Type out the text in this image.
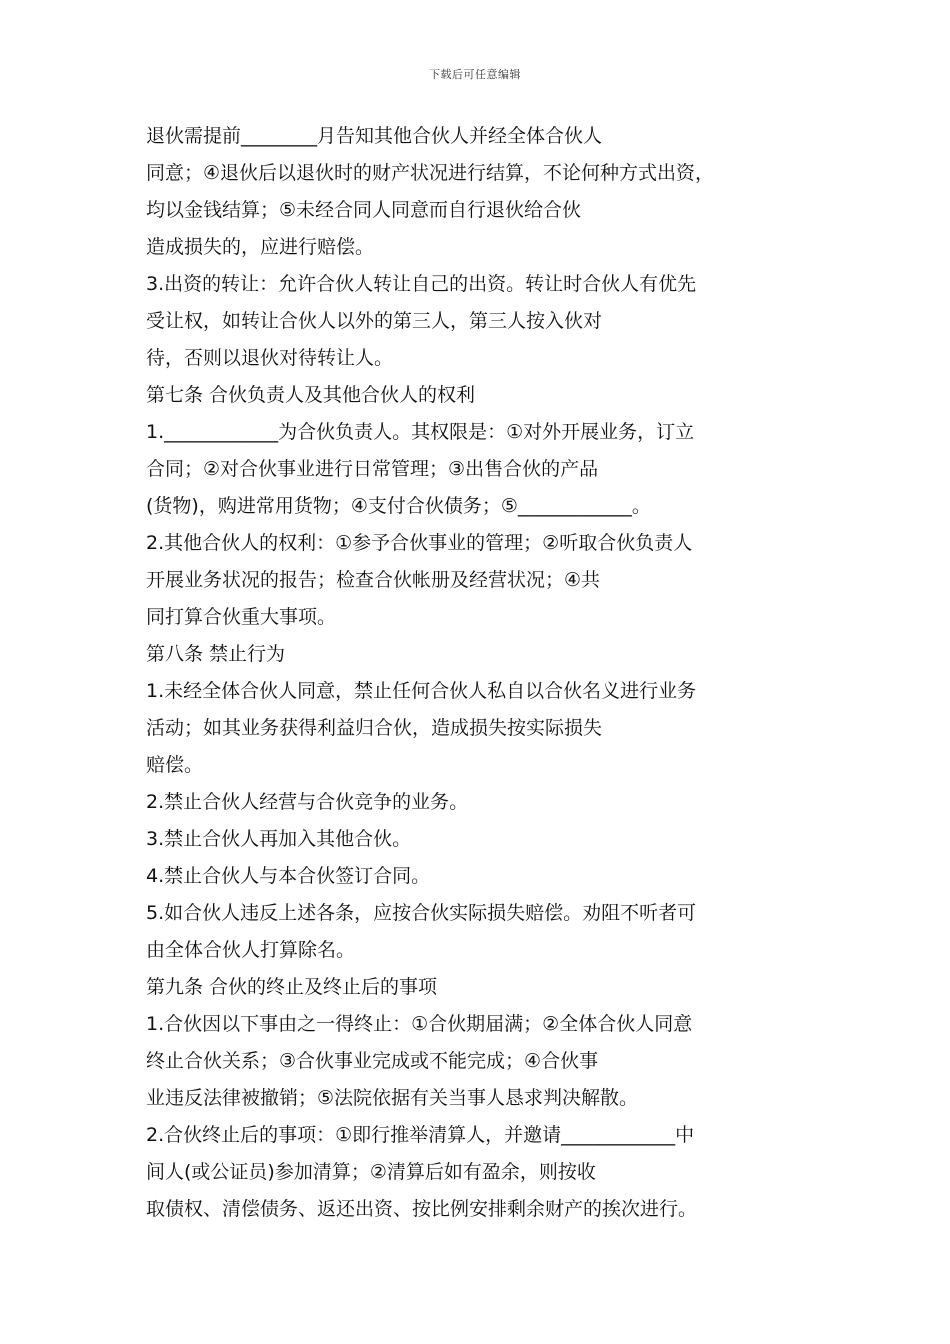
下载后可任意编辑
退伙需提前________月告知其他合伙人并经全体合伙人
同意；④退伙后以退伙时的财产状况进行结算，不论何种方式出资，
均以金钱结算；⑤未经合同人同意而自行退伙给合伙
造成损失的，应进行赔偿。
3.出资的转让：允许合伙人转让自己的出资。转让时合伙人有优先
受让权，如转让合伙人以外的第三人，第三人按入伙对
待，否则以退伙对待转让人。
第七条 合伙负责人及其他合伙人的权利
1.____________为合伙负责人。其权限是：①对外开展业务，订立
合同；②对合伙事业进行日常管理；③出售合伙的产品
(货物)，购进常用货物；④支付合伙债务；⑤____________。
2.其他合伙人的权利：①参予合伙事业的管理；②听取合伙负责人
开展业务状况的报告；检查合伙帐册及经营状况；④共
同打算合伙重大事项。
第八条 禁止行为
1.未经全体合伙人同意，禁止任何合伙人私自以合伙名义进行业务
活动；如其业务获得利益归合伙，造成损失按实际损失
赔偿。
2.禁止合伙人经营与合伙竞争的业务。
3.禁止合伙人再加入其他合伙。
4.禁止合伙人与本合伙签订合同。
5.如合伙人违反上述各条，应按合伙实际损失赔偿。劝阻不听者可
由全体合伙人打算除名。
第九条 合伙的终止及终止后的事项
1.合伙因以下事由之一得终止：①合伙期届满；②全体合伙人同意
终止合伙关系；③合伙事业完成或不能完成；④合伙事
业违反法律被撤销；⑤法院依据有关当事人恳求判决解散。
2.合伙终止后的事项：①即行推举清算人，并邀请____________中
间人(或公证员)参加清算；②清算后如有盈余，则按收
取债权、清偿债务、返还出资、按比例安排剩余财产的挨次进行。
